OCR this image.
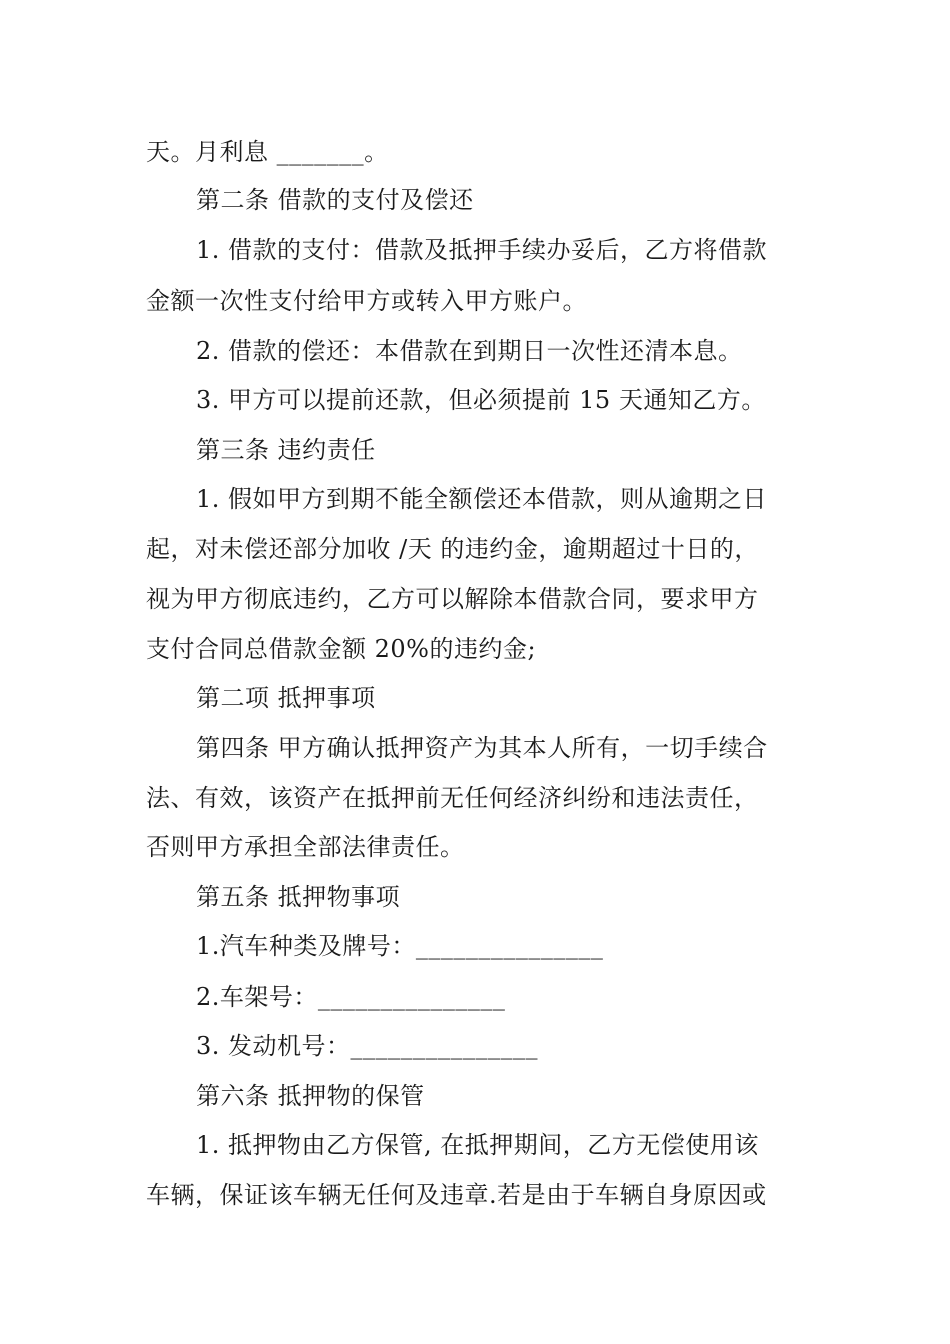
天。月利息 _______。
第二条 借款的支付及偿还
1. 借款的支付：借款及抵押手续办妥后，乙方将借款
金额一次性支付给甲方或转入甲方账户。
2. 借款的偿还：本借款在到期日一次性还清本息。
3. 甲方可以提前还款，但必须提前 15 天通知乙方。
第三条 违约责任
1. 假如甲方到期不能全额偿还本借款，则从逾期之日
起，对未偿还部分加收 /天 的违约金，逾期超过十日的，
视为甲方彻底违约，乙方可以解除本借款合同，要求甲方
支付合同总借款金额 20%的违约金;
第二项 抵押事项
第四条 甲方确认抵押资产为其本人所有，一切手续合
法、有效，该资产在抵押前无任何经济纠纷和违法责任，
否则甲方承担全部法律责任。
第五条 抵押物事项
1.汽车种类及牌号：_______________
2.车架号：_______________
3. 发动机号：_______________
第六条 抵押物的保管
1. 抵押物由乙方保管, 在抵押期间，乙方无偿使用该
车辆，保证该车辆无任何及违章.若是由于车辆自身原因或
